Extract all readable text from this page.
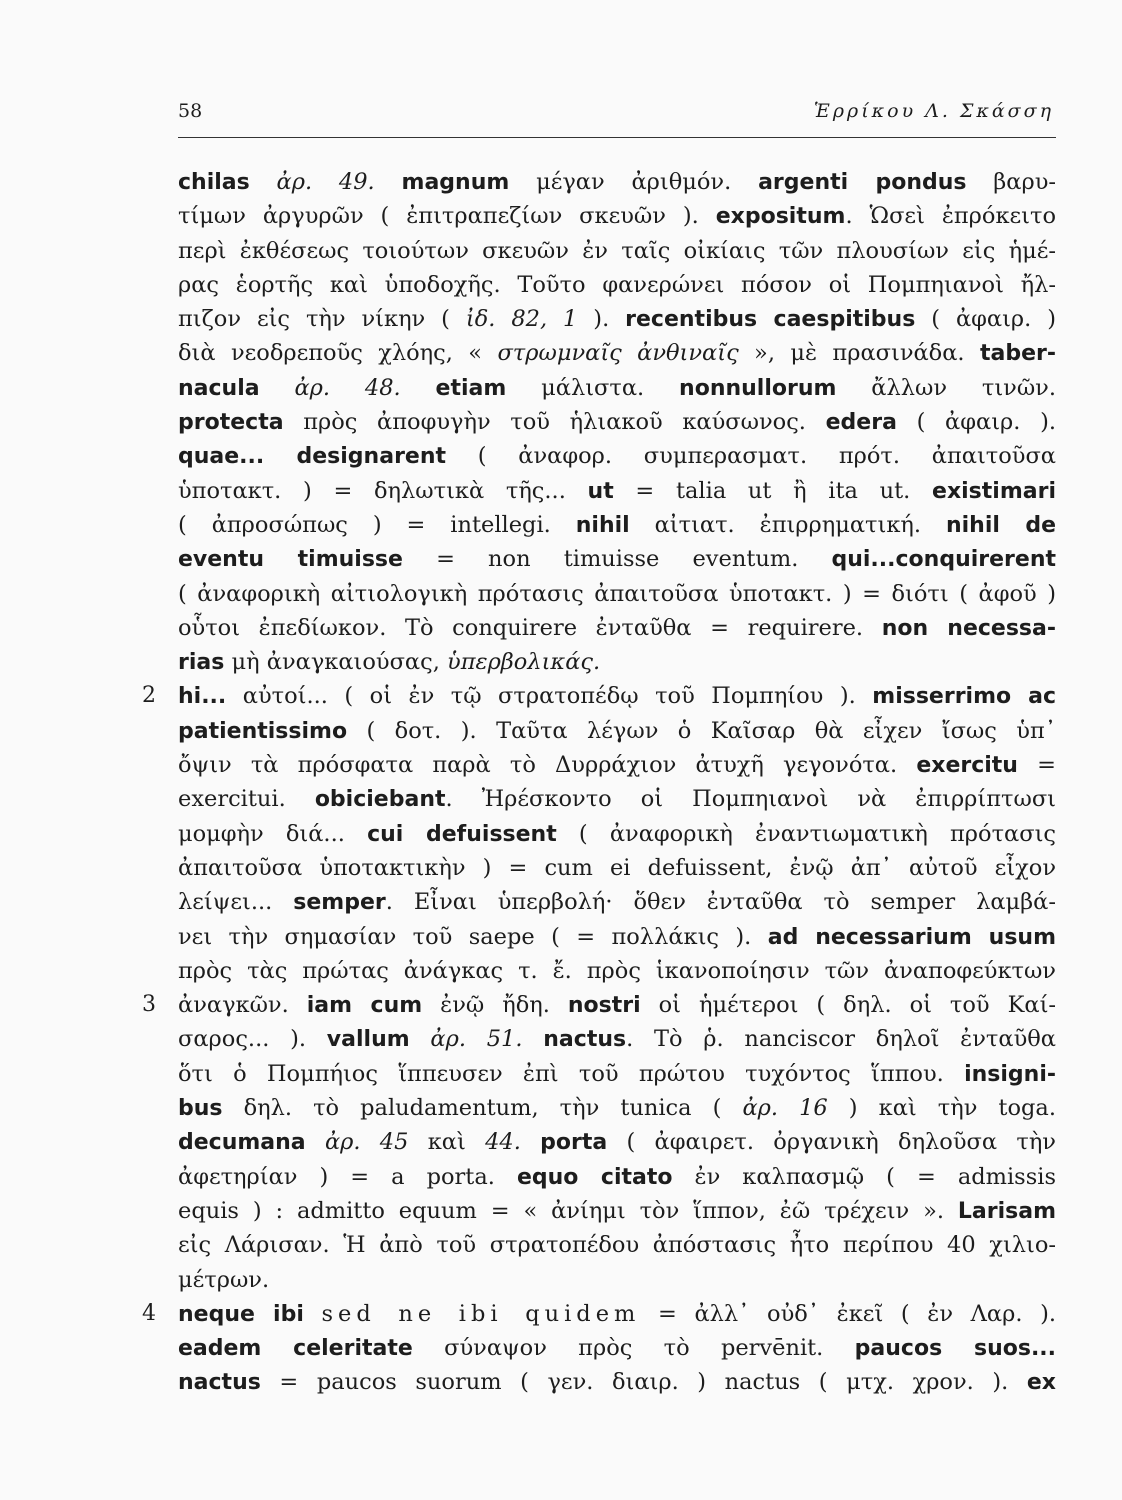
58	Ἑρρίκου Λ. Σκάσση
chilas ἀρ. 49. magnum μέγαν ἀριθμόν. argenti pondus βαρυ-
τίμων ἀργυρῶν ( ἐπιτραπεζίων σκευῶν ). expositum. Ὡσεὶ ἐπρόκειτο
περὶ ἐκθέσεως τοιούτων σκευῶν ἐν ταῖς οἰκίαις τῶν πλουσίων εἰς ἡμέ-
ρας ἑορτῆς καὶ ὑποδοχῆς. Τοῦτο φανερώνει πόσον οἱ Πομπηιανοὶ ἤλ-
πιζον εἰς τὴν νίκην ( ἰδ. 82, 1 ). recentibus caespitibus ( ἀφαιρ. )
διὰ νεοδρεποῦς χλόης, « στρωμναῖς ἀνθιναῖς », μὲ πρασινάδα. taber-
nacula ἀρ. 48. etiam μάλιστα. nonnullorum ἄλλων τινῶν.
protecta πρὸς ἀποφυγὴν τοῦ ἡλιακοῦ καύσωνος. edera ( ἀφαιρ. ).
quae... designarent ( ἀναφορ. συμπερασματ. πρότ. ἀπαιτοῦσα
ὑποτακτ. ) = δηλωτικὰ τῆς... ut = talia ut ἢ ita ut. existimari
( ἀπροσώπως ) = intellegi. nihil αἰτιατ. ἐπιρρηματική. nihil de
eventu timuisse = non timuisse eventum. qui...conquirerent
( ἀναφορικὴ αἰτιολογικὴ πρότασις ἀπαιτοῦσα ὑποτακτ. ) = διότι ( ἀφοῦ )
οὗτοι ἐπεδίωκον. Τὸ conquirere ἐνταῦθα = requirere. non necessa-
rias μὴ ἀναγκαιούσας, ὑπερβολικάς.
2 hi... αὐτοί... ( οἱ ἐν τῷ στρατοπέδῳ τοῦ Πομπηίου ). misserrimo ac
patientissimo ( δοτ. ). Ταῦτα λέγων ὁ Καῖσαρ θὰ εἶχεν ἴσως ὑπ᾽
ὄψιν τὰ πρόσφατα παρὰ τὸ Δυρράχιον ἀτυχῆ γεγονότα. exercitu =
exercitui. obiciebant. Ἠρέσκοντο οἱ Πομπηιανοὶ νὰ ἐπιρρίπτωσι
μομφὴν διά... cui defuissent ( ἀναφορικὴ ἐναντιωματικὴ πρότασις
ἀπαιτοῦσα ὑποτακτικὴν ) = cum ei defuissent, ἐνῷ ἀπ᾽ αὐτοῦ εἶχον
λείψει... semper. Εἶναι ὑπερβολή· ὅθεν ἐνταῦθα τὸ semper λαμβά-
νει τὴν σημασίαν τοῦ saepe ( = πολλάκις ). ad necessarium usum
πρὸς τὰς πρώτας ἀνάγκας τ. ἔ. πρὸς ἱκανοποίησιν τῶν ἀναποφεύκτων
3 ἀναγκῶν. iam cum ἐνῷ ἤδη. nostri οἱ ἡμέτεροι ( δηλ. οἱ τοῦ Καί-
σαρος... ). vallum ἀρ. 51. nactus. Τὸ ῥ. nanciscor δηλοῖ ἐνταῦθα
ὅτι ὁ Πομπήιος ἵππευσεν ἐπὶ τοῦ πρώτου τυχόντος ἵππου. insigni-
bus δηλ. τὸ paludamentum, τὴν tunica ( ἀρ. 16 ) καὶ τὴν toga.
decumana ἀρ. 45 καὶ 44. porta ( ἀφαιρετ. ὀργανικὴ δηλοῦσα τὴν
ἀφετηρίαν ) = a porta. equo citato ἐν καλπασμῷ ( = admissis
equis ) : admitto equum = « ἀνίημι τὸν ἵππον, ἐῶ τρέχειν ». Larisam
εἰς Λάρισαν. Ἡ ἀπὸ τοῦ στρατοπέδου ἀπόστασις ἦτο περίπου 40 χιλιο-
μέτρων.
4 neque ibi sed ne ibi quidem = ἀλλ᾽ οὐδ᾽ ἐκεῖ ( ἐν Λαρ. ).
eadem celeritate σύναψον πρὸς τὸ pervēnit. paucos suos...
nactus = paucos suorum ( γεν. διαιρ. ) nactus ( μτχ. χρον. ). ex
